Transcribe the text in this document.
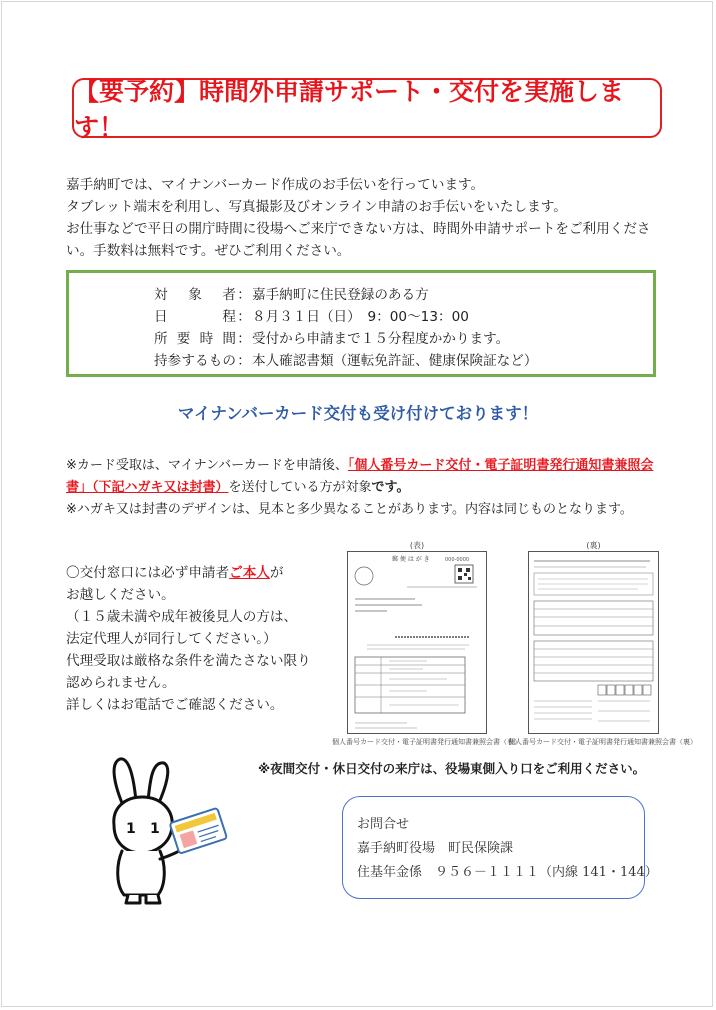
【要予約】時間外申請サポート・交付を実施します！

嘉手納町では、マイナンバーカード作成のお手伝いを行っています。

タブレット端末を利用し、写真撮影及びオンライン申請のお手伝いをいたします。

お仕事などで平日の開庁時間に役場へご来庁できない方は、時間外申請サポートをご利用ください。手数料は無料です。ぜひご利用ください。

対象者 ： 嘉手納町に住民登録のある方
日程 ： ８月３１日（日）　9：00〜13：00
所要時間 ： 受付から申請まで１５分程度かかります。
持参するもの ： 本人確認書類（運転免許証、健康保険証など）
マイナンバーカード交付も受け付けております！

※カード受取は、マイナンバーカードを申請後、「個人番号カード交付・電子証明書発行通知書兼照会書」（下記ハガキ又は封書）を送付している方が対象です。

※ハガキ又は封書のデザインは、見本と多少異なることがあります。内容は同じものとなります。

〇交付窓口には必ず申請者ご本人が

お越しください。

（１５歳未満や成年被後見人の方は、

法定代理人が同行してください。）

代理受取は厳格な条件を満たさない限り

認められません。

詳しくはお電話でご確認ください。

(表)
郵 便 は が き	000-0000
個人番号カード交付・電子証明書発行通知書兼照会書（表）
(裏)
個人番号カード交付・電子証明書発行通知書兼照会書（裏）
1 1
※夜間交付・休日交付の来庁は、役場東側入り口をご利用ください。

お問合せ

嘉手納町役場　町民保険課

住基年金係　９５６－１１１１（内線 141・144）
